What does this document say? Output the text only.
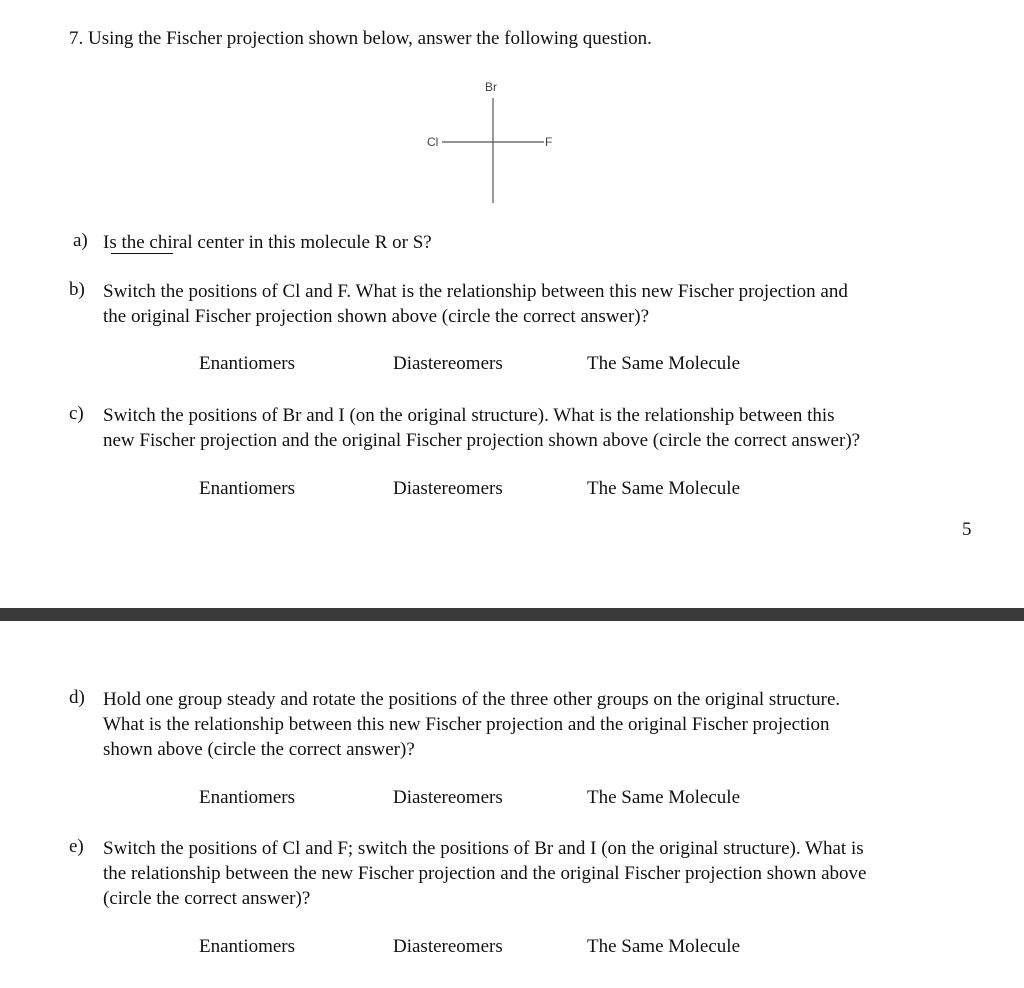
7. Using the Fischer projection shown below, answer the following question.
Br
Cl	F
a) Is the chiral center in this molecule R or S?
b) Switch the positions of Cl and F. What is the relationship between this new Fischer projection and
the original Fischer projection shown above (circle the correct answer)?
Enantiomers	Diastereomers	The Same Molecule
c) Switch the positions of Br and I (on the original structure). What is the relationship between this
new Fischer projection and the original Fischer projection shown above (circle the correct answer)?
Enantiomers	Diastereomers	The Same Molecule
5
d) Hold one group steady and rotate the positions of the three other groups on the original structure.
What is the relationship between this new Fischer projection and the original Fischer projection
shown above (circle the correct answer)?
Enantiomers	Diastereomers	The Same Molecule
e) Switch the positions of Cl and F; switch the positions of Br and I (on the original structure). What is
the relationship between the new Fischer projection and the original Fischer projection shown above
(circle the correct answer)?
Enantiomers	Diastereomers	The Same Molecule
